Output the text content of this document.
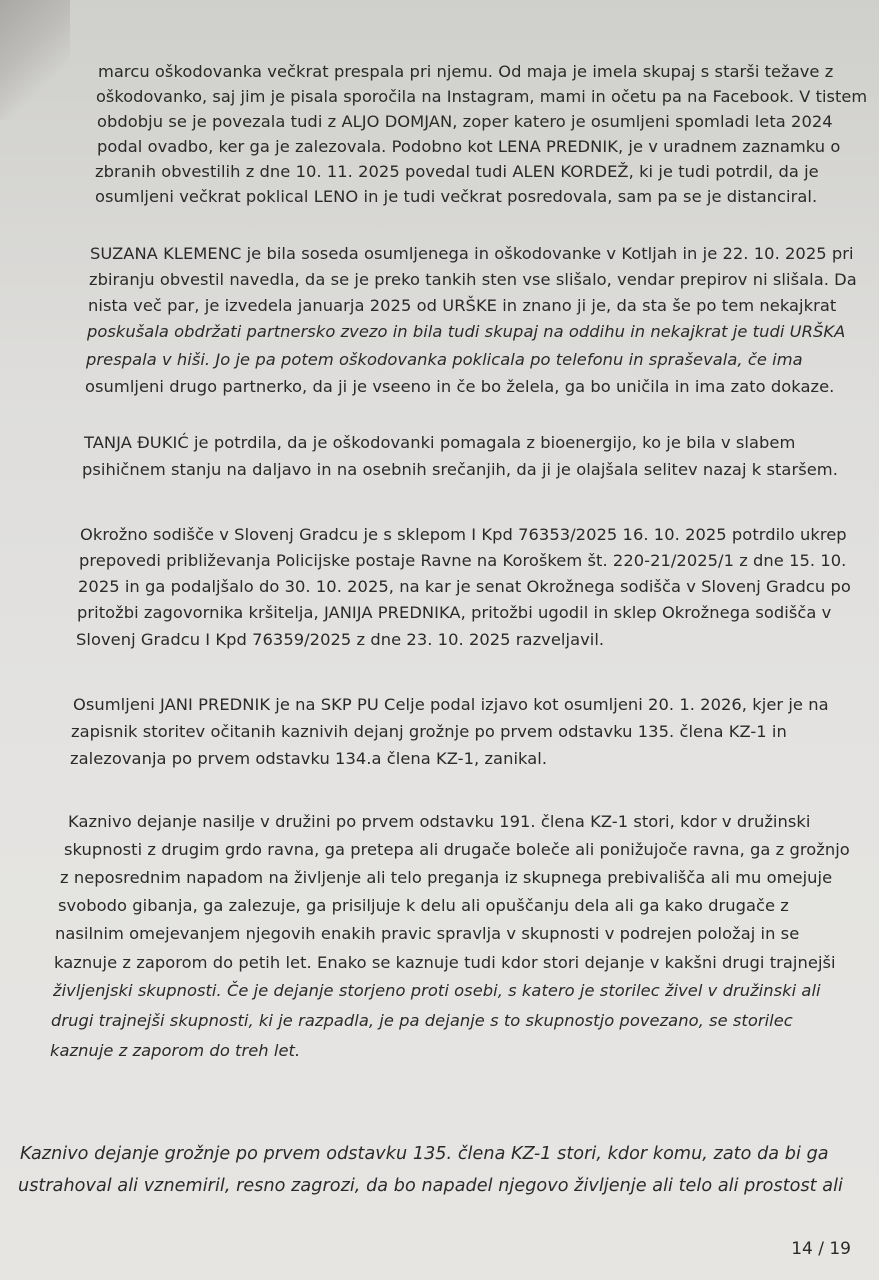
marcu oškodovanka večkrat prespala pri njemu. Od maja je imela skupaj s starši težave z
oškodovanko, saj jim je pisala sporočila na Instagram, mami in očetu pa na Facebook. V tistem
obdobju se je povezala tudi z ALJO DOMJAN, zoper katero je osumljeni spomladi leta 2024
podal ovadbo, ker ga je zalezovala. Podobno kot LENA PREDNIK, je v uradnem zaznamku o
zbranih obvestilih z dne 10. 11. 2025 povedal tudi ALEN KORDEŽ, ki je tudi potrdil, da je
osumljeni večkrat poklical LENO in je tudi večkrat posredovala, sam pa se je distanciral.
SUZANA KLEMENC je bila soseda osumljenega in oškodovanke v Kotljah in je 22. 10. 2025 pri
zbiranju obvestil navedla, da se je preko tankih sten vse slišalo, vendar prepirov ni slišala. Da
nista več par, je izvedela januarja 2025 od URŠKE in znano ji je, da sta še po tem nekajkrat
poskušala obdržati partnersko zvezo in bila tudi skupaj na oddihu in nekajkrat je tudi URŠKA
prespala v hiši. Jo je pa potem oškodovanka poklicala po telefonu in spraševala, če ima
osumljeni drugo partnerko, da ji je vseeno in če bo želela, ga bo uničila in ima zato dokaze.
TANJA ĐUKIĆ je potrdila, da je oškodovanki pomagala z bioenergijo, ko je bila v slabem
psihičnem stanju na daljavo in na osebnih srečanjih, da ji je olajšala selitev nazaj k staršem.
Okrožno sodišče v Slovenj Gradcu je s sklepom I Kpd 76353/2025 16. 10. 2025 potrdilo ukrep
prepovedi približevanja Policijske postaje Ravne na Koroškem št. 220-21/2025/1 z dne 15. 10.
2025 in ga podaljšalo do 30. 10. 2025, na kar je senat Okrožnega sodišča v Slovenj Gradcu po
pritožbi zagovornika kršitelja, JANIJA PREDNIKA, pritožbi ugodil in sklep Okrožnega sodišča v
Slovenj Gradcu I Kpd 76359/2025 z dne 23. 10. 2025 razveljavil.
Osumljeni JANI PREDNIK je na SKP PU Celje podal izjavo kot osumljeni 20. 1. 2026, kjer je na
zapisnik storitev očitanih kaznivih dejanj grožnje po prvem odstavku 135. člena KZ-1 in
zalezovanja po prvem odstavku 134.a člena KZ-1, zanikal.
Kaznivo dejanje nasilje v družini po prvem odstavku 191. člena KZ-1 stori, kdor v družinski
skupnosti z drugim grdo ravna, ga pretepa ali drugače boleče ali ponižujoče ravna, ga z grožnjo
z neposrednim napadom na življenje ali telo preganja iz skupnega prebivališča ali mu omejuje
svobodo gibanja, ga zalezuje, ga prisiljuje k delu ali opuščanju dela ali ga kako drugače z
nasilnim omejevanjem njegovih enakih pravic spravlja v skupnosti v podrejen položaj in se
kaznuje z zaporom do petih let. Enako se kaznuje tudi kdor stori dejanje v kakšni drugi trajnejši
življenjski skupnosti. Če je dejanje storjeno proti osebi, s katero je storilec živel v družinski ali
drugi trajnejši skupnosti, ki je razpadla, je pa dejanje s to skupnostjo povezano, se storilec
kaznuje z zaporom do treh let.
Kaznivo dejanje grožnje po prvem odstavku 135. člena KZ-1 stori, kdor komu, zato da bi ga
ustrahoval ali vznemiril, resno zagrozi, da bo napadel njegovo življenje ali telo ali prostost ali
14 / 19
